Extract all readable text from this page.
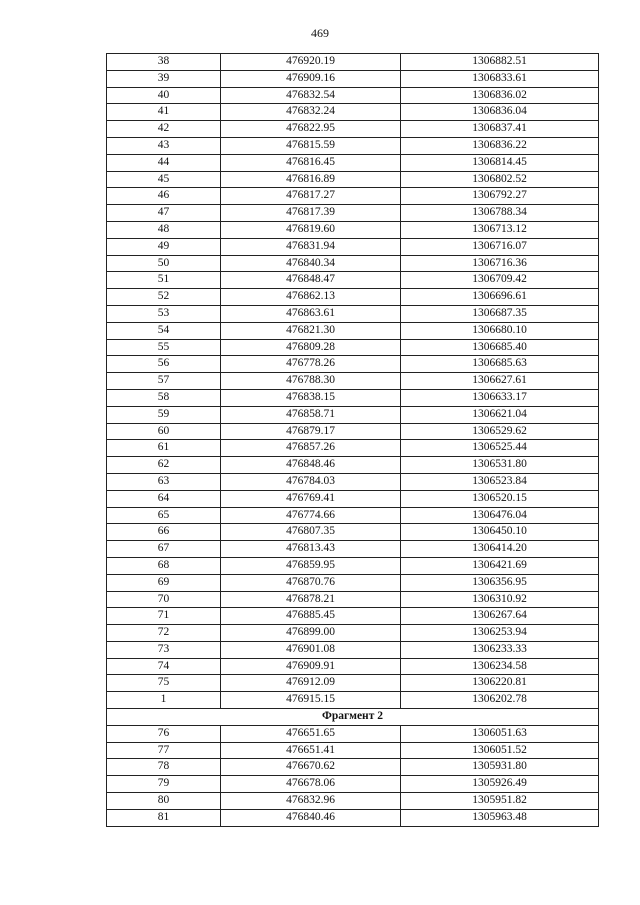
469
38	476920.19	1306882.51
39	476909.16	1306833.61
40	476832.54	1306836.02
41	476832.24	1306836.04
42	476822.95	1306837.41
43	476815.59	1306836.22
44	476816.45	1306814.45
45	476816.89	1306802.52
46	476817.27	1306792.27
47	476817.39	1306788.34
48	476819.60	1306713.12
49	476831.94	1306716.07
50	476840.34	1306716.36
51	476848.47	1306709.42
52	476862.13	1306696.61
53	476863.61	1306687.35
54	476821.30	1306680.10
55	476809.28	1306685.40
56	476778.26	1306685.63
57	476788.30	1306627.61
58	476838.15	1306633.17
59	476858.71	1306621.04
60	476879.17	1306529.62
61	476857.26	1306525.44
62	476848.46	1306531.80
63	476784.03	1306523.84
64	476769.41	1306520.15
65	476774.66	1306476.04
66	476807.35	1306450.10
67	476813.43	1306414.20
68	476859.95	1306421.69
69	476870.76	1306356.95
70	476878.21	1306310.92
71	476885.45	1306267.64
72	476899.00	1306253.94
73	476901.08	1306233.33
74	476909.91	1306234.58
75	476912.09	1306220.81
1	476915.15	1306202.78
Фрагмент 2		
76	476651.65	1306051.63
77	476651.41	1306051.52
78	476670.62	1305931.80
79	476678.06	1305926.49
80	476832.96	1305951.82
81	476840.46	1305963.48
